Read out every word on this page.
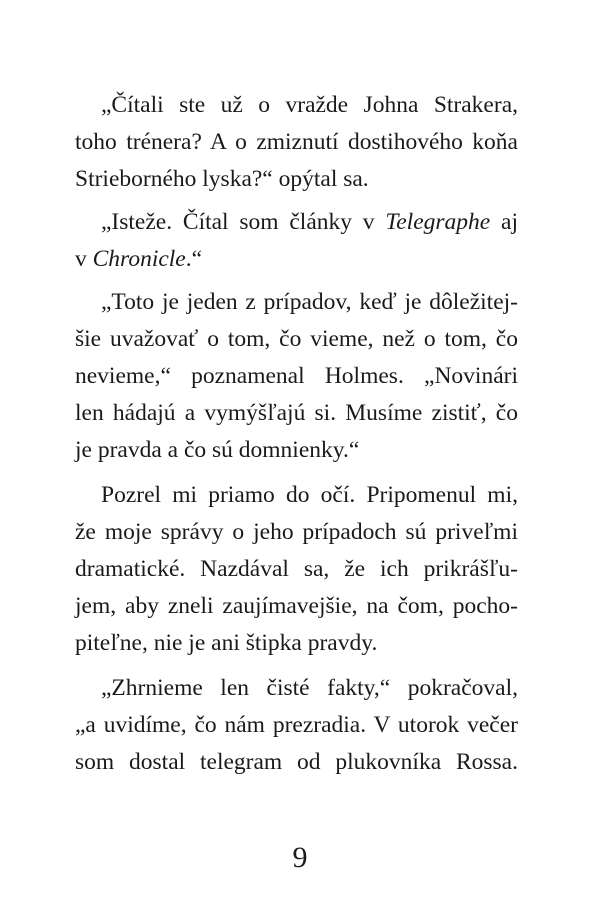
„Čítali ste už o vražde Johna Strakera,
toho trénera? A o zmiznutí dostihového koňa
Strieborného lyska?“ opýtal sa.
„Isteže. Čítal som články v Telegraphe aj
v Chronicle.“
„Toto je jeden z prípadov, keď je dôležitej-
šie uvažovať o tom, čo vieme, než o tom, čo
nevieme,“ poznamenal Holmes. „Novinári
len hádajú a vymýšľajú si. Musíme zistiť, čo
je pravda a čo sú domnienky.“
Pozrel mi priamo do očí. Pripomenul mi,
že moje správy o jeho prípadoch sú priveľmi
dramatické. Nazdával sa, že ich prikrášľu-
jem, aby zneli zaujímavejšie, na čom, pocho-
piteľne, nie je ani štipka pravdy.
„Zhrnieme len čisté fakty,“ pokračoval,
„a uvidíme, čo nám prezradia. V utorok večer
som dostal telegram od plukovníka Rossa.
9
